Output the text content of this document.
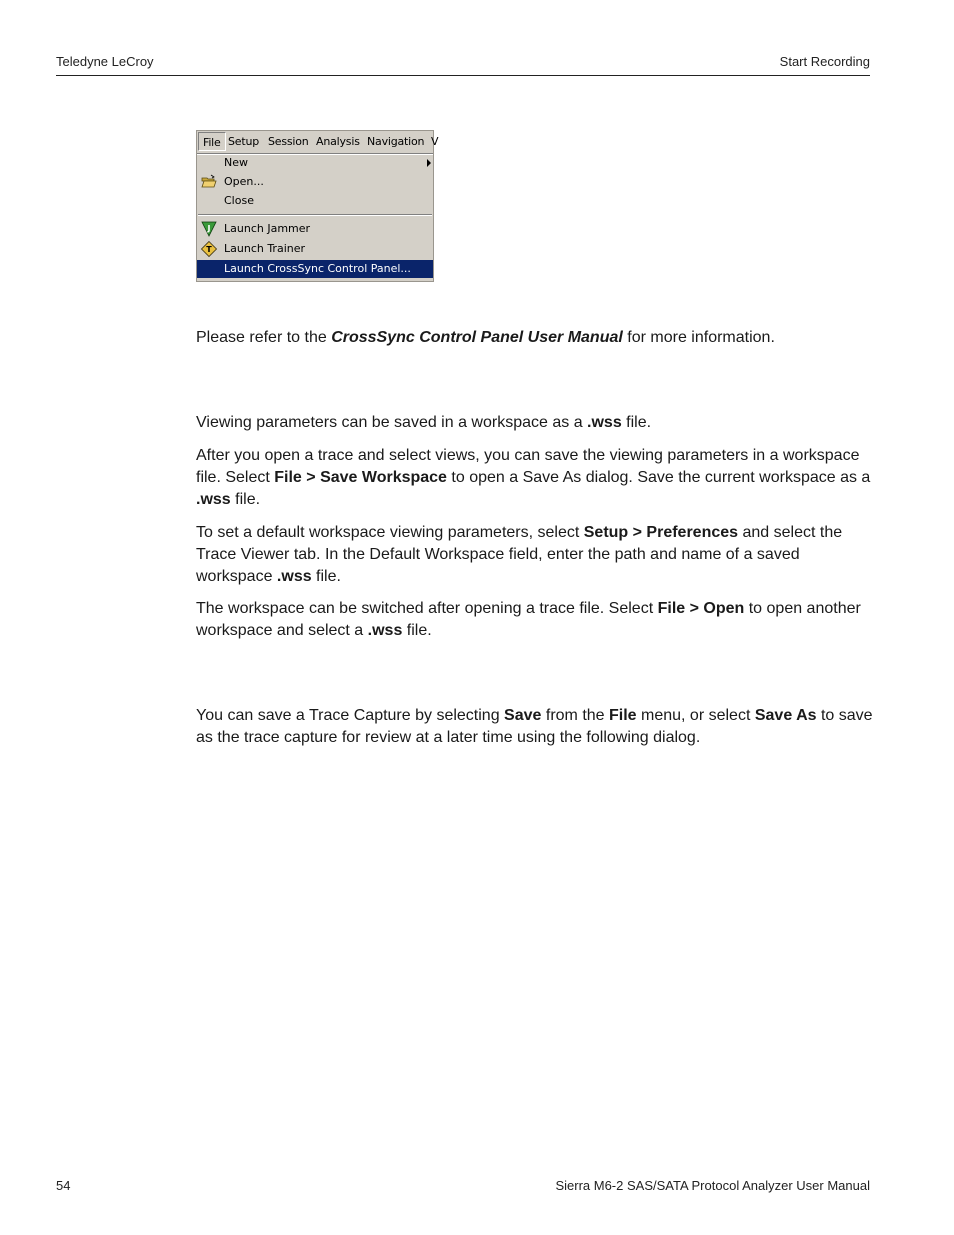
Teledyne LeCroy	Start Recording
File Setup Session Analysis Navigation V
New
Open...
Close
J Launch Jammer
T Launch Trainer
Launch CrossSync Control Panel...
Please refer to the CrossSync Control Panel User Manual for more information.
Viewing parameters can be saved in a workspace as a .wss file.
After you open a trace and select views, you can save the viewing parameters in a workspace file. Select File > Save Workspace to open a Save As dialog. Save the current workspace as a .wss file.
To set a default workspace viewing parameters, select Setup > Preferences and select the Trace Viewer tab. In the Default Workspace field, enter the path and name of a saved workspace .wss file.
The workspace can be switched after opening a trace file. Select File > Open to open another workspace and select a .wss file.
You can save a Trace Capture by selecting Save from the File menu, or select Save As to save as the trace capture for review at a later time using the following dialog.
54	Sierra M6-2 SAS/SATA Protocol Analyzer User Manual
